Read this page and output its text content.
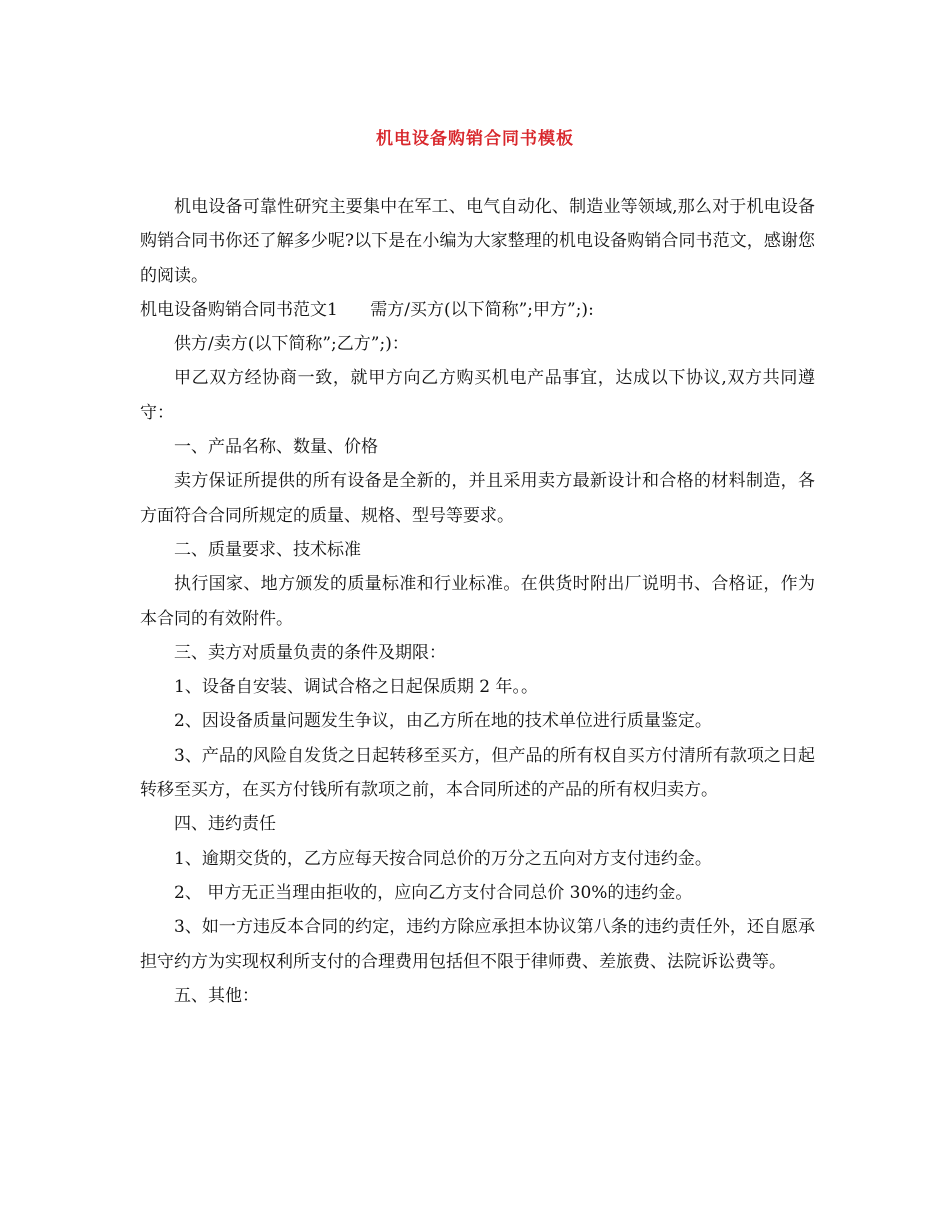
机电设备购销合同书模板

机电设备可靠性研究主要集中在军工、电气自动化、制造业等领域,那么对于机电设备购销合同书你还了解多少呢?以下是在小编为大家整理的机电设备购销合同书范文，感谢您的阅读。

机电设备购销合同书范文1      需方/买方(以下简称”;甲方”;):

供方/卖方(以下简称”;乙方”;)：

甲乙双方经协商一致，就甲方向乙方购买机电产品事宜，达成以下协议,双方共同遵守：

一、产品名称、数量、价格

卖方保证所提供的所有设备是全新的，并且采用卖方最新设计和合格的材料制造，各方面符合合同所规定的质量、规格、型号等要求。

二、质量要求、技术标准

执行国家、地方颁发的质量标准和行业标准。在供货时附出厂说明书、合格证，作为本合同的有效附件。

三、卖方对质量负责的条件及期限：

1、设备自安装、调试合格之日起保质期 2 年。。

2、因设备质量问题发生争议，由乙方所在地的技术单位进行质量鉴定。

3、产品的风险自发货之日起转移至买方，但产品的所有权自买方付清所有款项之日起转移至买方，在买方付钱所有款项之前，本合同所述的产品的所有权归卖方。

四、违约责任

1、逾期交货的，乙方应每天按合同总价的万分之五向对方支付违约金。

2、 甲方无正当理由拒收的，应向乙方支付合同总价 30%的违约金。

3、如一方违反本合同的约定，违约方除应承担本协议第八条的违约责任外，还自愿承担守约方为实现权利所支付的合理费用包括但不限于律师费、差旅费、法院诉讼费等。

五、其他：
